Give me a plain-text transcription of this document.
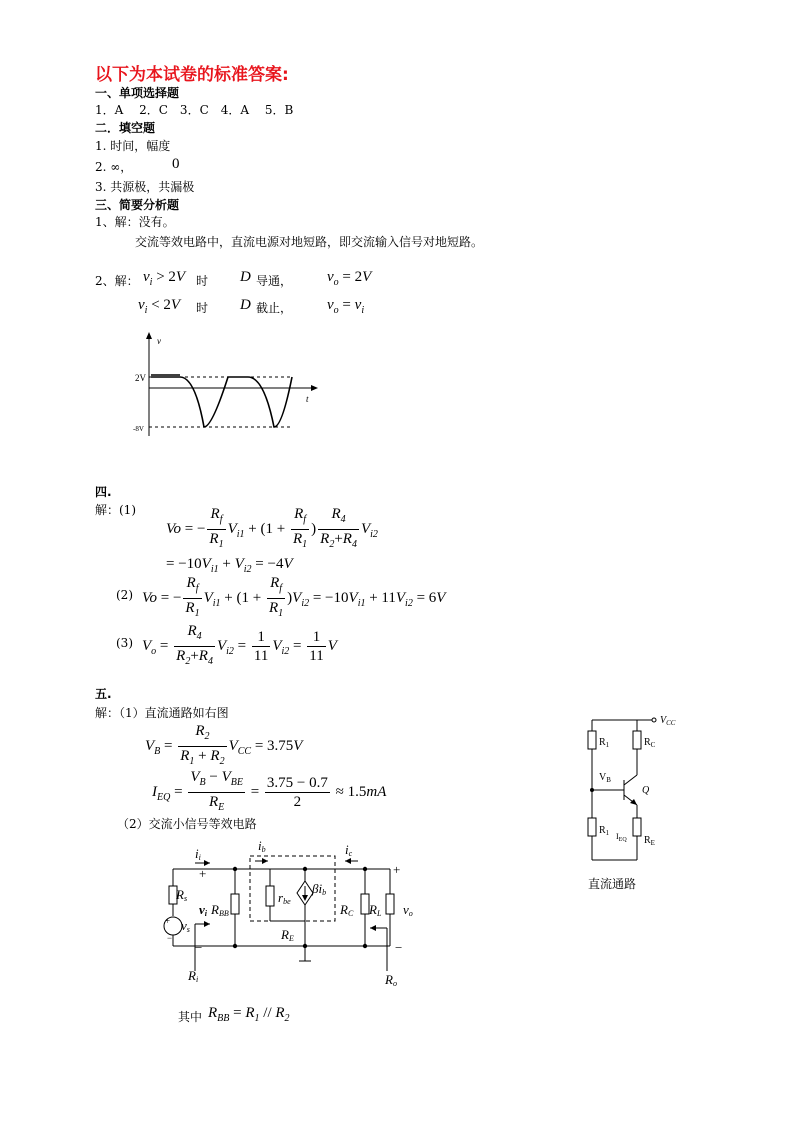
以下为本试卷的标准答案:
一、单项选择题
1．A　 2．C　3．C　4．A　 5．B
二．填空题
1. 时间，幅度
2. ∞，	0
3. 共源极，共漏极
三、简要分析题
1、解：没有。
交流等效电路中，直流电源对地短路，即交流输入信号对地短路。
2、解： $v_i > 2V$ 时 D 导通， $v_o = 2V$
$v_i < 2V$ 时 D 截止， $v_o = v_i$
2V
-8V
v
t
四.
解：(1)
Vo = − $\frac{R_f}{R_1} V_{i1} + (1 + \frac{R_f}{R_1}$ ) $\frac{R_4}{R_2+R_4} V_{i2}$
= $-10V_{i1} + V_{i2} = -4V$
(2) Vo = − $\frac{R_f}{R_1} V_{i1} + (1 + \frac{R_f}{R_1} )V_{i2} = -10V_{i1} + 11V_{i2} = 6V$
(3) $V_o = \frac{R_4}{R_2+R_4} V_{i2} = \frac{1}{11} V_{i2} = \frac{1}{11}$ V
五.
解：（1）直流通路如右图
$V_B = \frac{R_2}{R_1 + R_2} V_{CC} = 3.75V$
$I_{EQ} = \frac{V_B - V_{BE}}{R_E} = \frac{3.75 - 0.7}{2} \approx 1.5mA$
（2）交流小信号等效电路
ii
+
ib	ic
+
Rs
+ vs
−
vi RBB
rbe
βib
RC RL vo
RE
−	−
Ri	Ro
其中 $R_{BB} = R_1 // R_2$
$V_{CC}$
$R_1$	$R_C$
$V_B$
Q
$R_1$ $I_{EQ}$ $R_E$
直流通路
